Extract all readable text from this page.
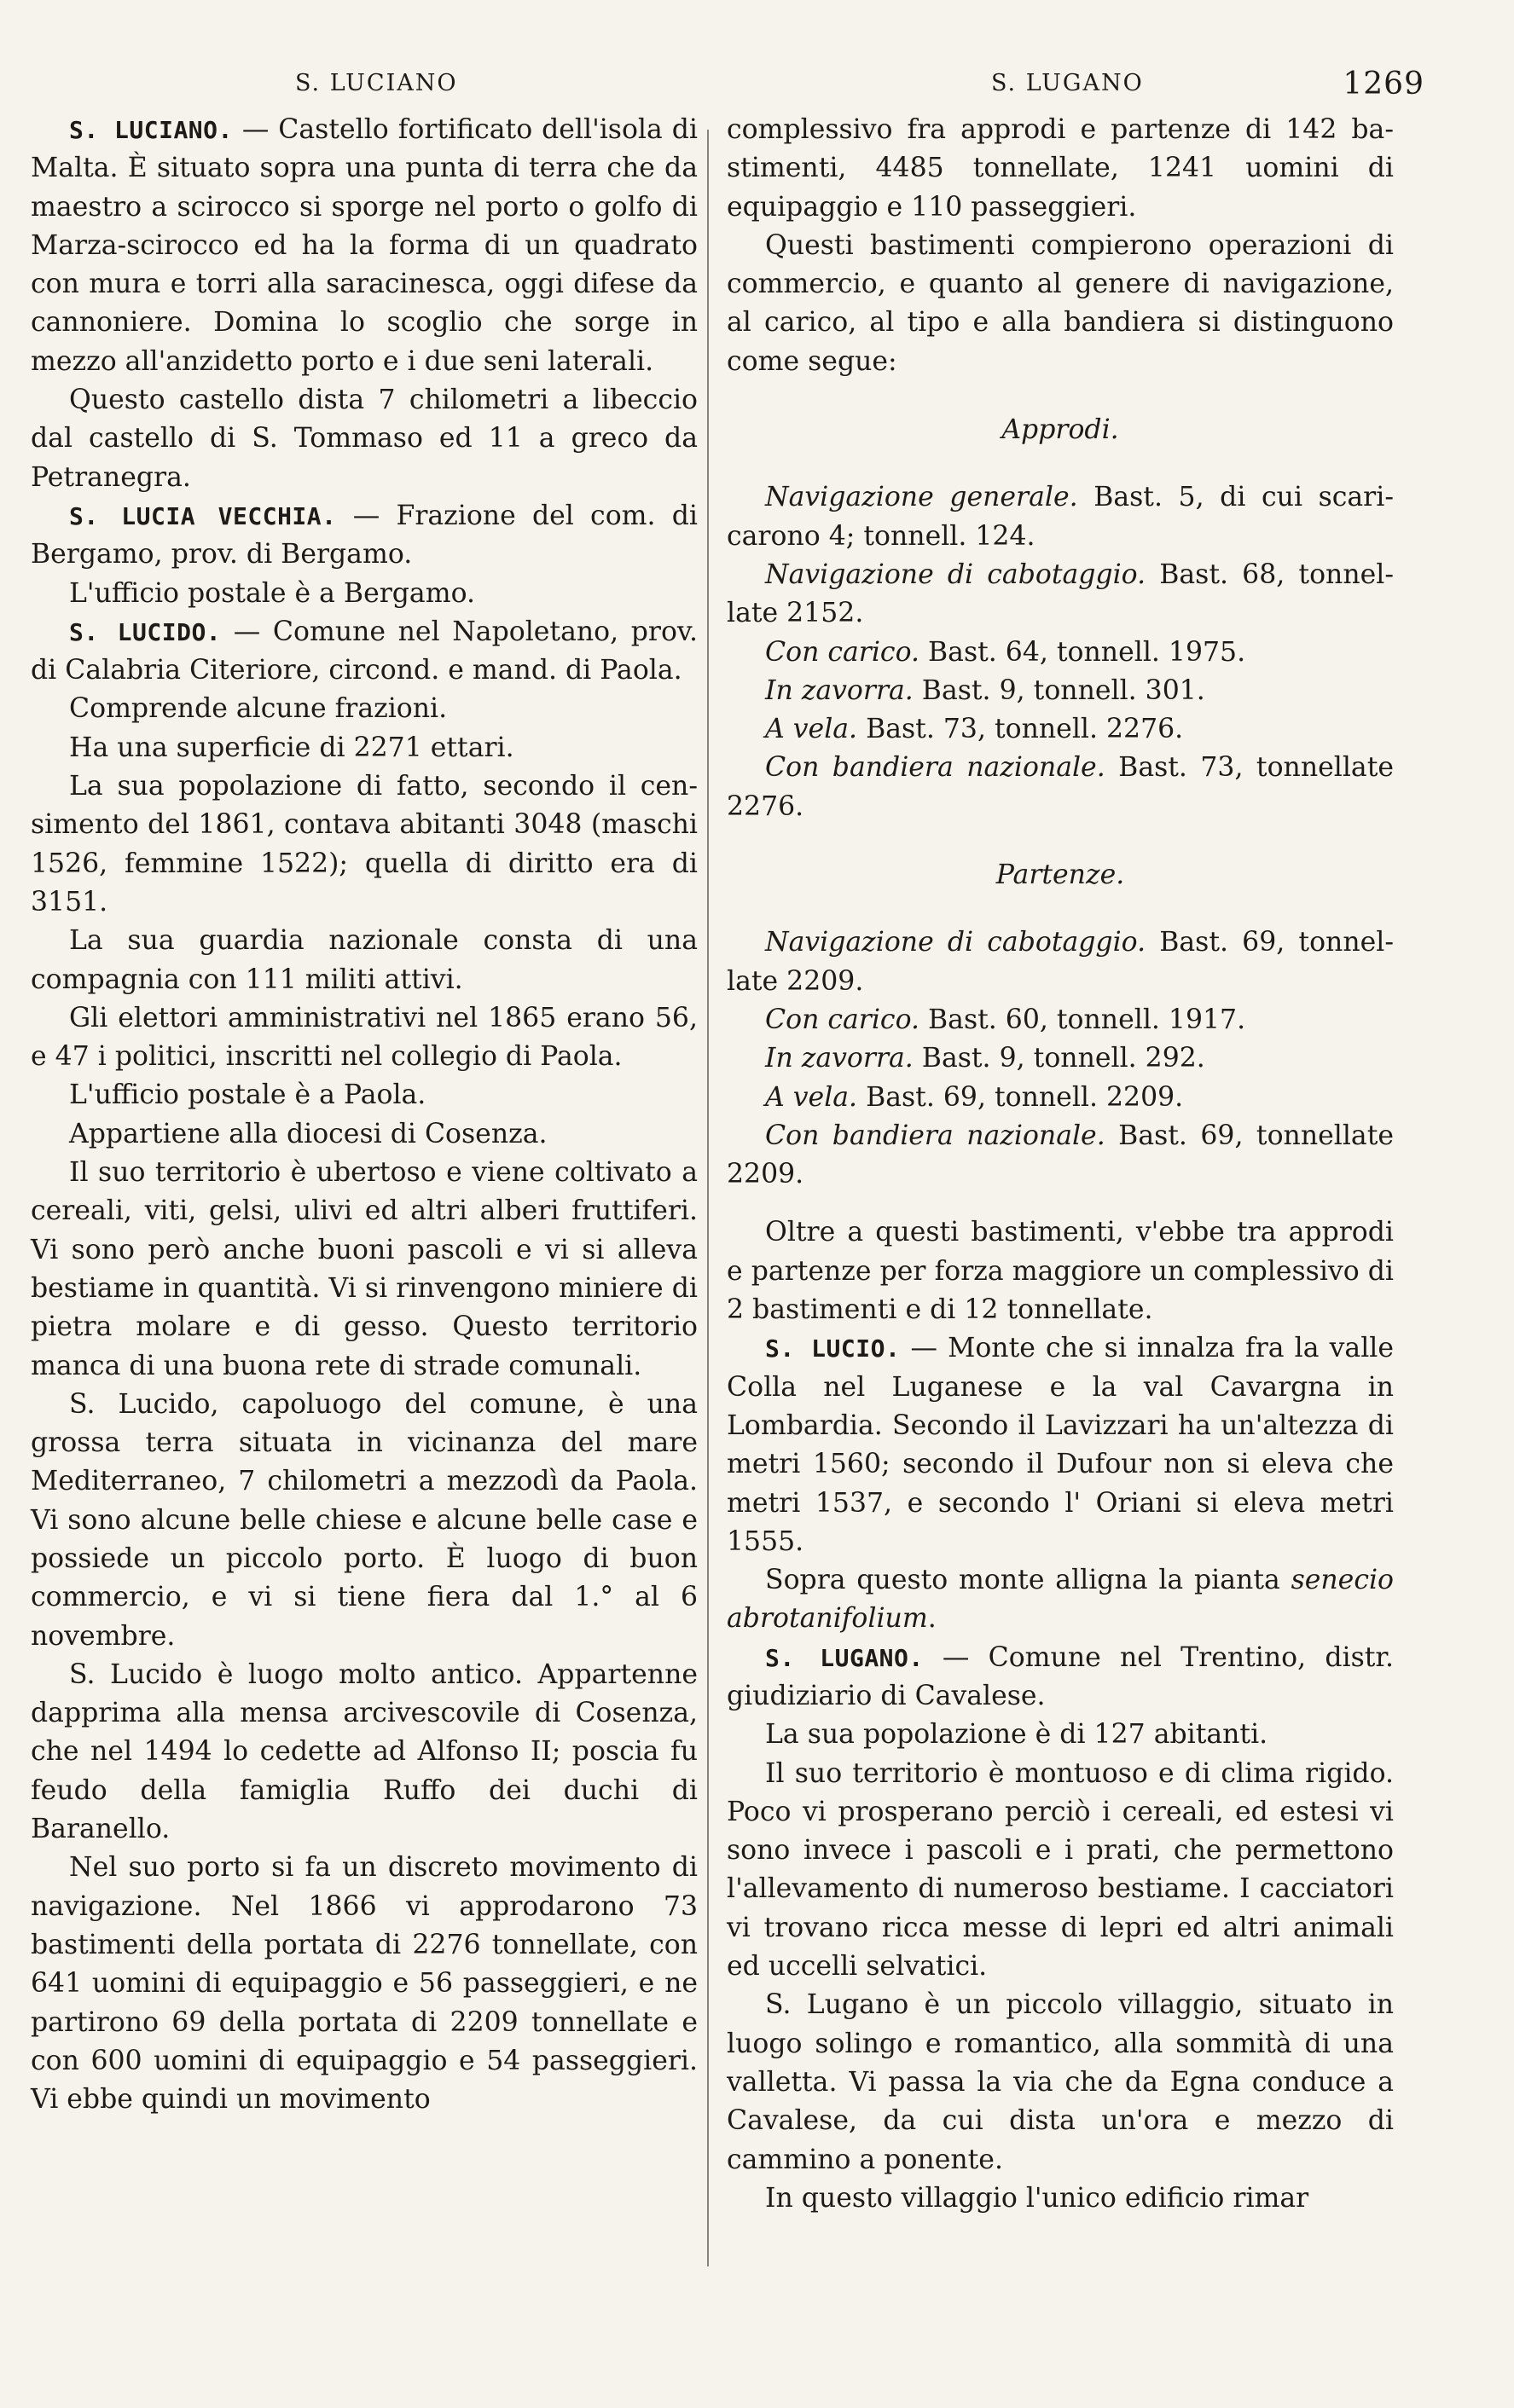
S. LUCIANO	S. LUGANO	1269

S. LUCIANO. — Castello fortificato dell'isola di Malta. È situato sopra una punta di terra che da maestro a scirocco si sporge nel porto o golfo di Marza-scirocco ed ha la forma di un quadrato con mura e torri alla saracinesca, oggi difese da cannoniere. Domina lo scoglio che sorge in mezzo all'anzidetto porto e i due seni laterali.

Questo castello dista 7 chilometri a libeccio dal castello di S. Tommaso ed 11 a greco da Petranegra.

S. LUCIA VECCHIA. — Frazione del com. di Bergamo, prov. di Bergamo.

L'ufficio postale è a Bergamo.

S. LUCIDO. — Comune nel Napoletano, prov. di Calabria Citeriore, circond. e mand. di Paola.

Comprende alcune frazioni.

Ha una superficie di 2271 ettari.

La sua popolazione di fatto, secondo il censimento del 1861, contava abitanti 3048 (maschi 1526, femmine 1522); quella di diritto era di 3151.

La sua guardia nazionale consta di una compagnia con 111 militi attivi.

Gli elettori amministrativi nel 1865 erano 56, e 47 i politici, inscritti nel collegio di Paola.

L'ufficio postale è a Paola.

Appartiene alla diocesi di Cosenza.

Il suo territorio è ubertoso e viene coltivato a cereali, viti, gelsi, ulivi ed altri alberi fruttiferi. Vi sono però anche buoni pascoli e vi si alleva bestiame in quantità. Vi si rinvengono miniere di pietra molare e di gesso. Questo territorio manca di una buona rete di strade comunali.

S. Lucido, capoluogo del comune, è una grossa terra situata in vicinanza del mare Mediterraneo, 7 chilometri a mezzodì da Paola. Vi sono alcune belle chiese e alcune belle case e possiede un piccolo porto. È luogo di buon commercio, e vi si tiene fiera dal 1.° al 6 novembre.

S. Lucido è luogo molto antico. Appartenne dapprima alla mensa arcivescovile di Cosenza, che nel 1494 lo cedette ad Alfonso II; poscia fu feudo della famiglia Ruffo dei duchi di Baranello.

Nel suo porto si fa un discreto movimento di navigazione. Nel 1866 vi approdarono 73 bastimenti della portata di 2276 tonnellate, con 641 uomini di equipaggio e 56 passeggieri, e ne partirono 69 della portata di 2209 tonnellate e con 600 uomini di equipaggio e 54 passeggieri. Vi ebbe quindi un movimento

complessivo fra approdi e partenze di 142 bastimenti, 4485 tonnellate, 1241 uomini di equipaggio e 110 passeggieri.

Questi bastimenti compierono operazioni di commercio, e quanto al genere di navigazione, al carico, al tipo e alla bandiera si distinguono come segue:

Approdi.

Navigazione generale. Bast. 5, di cui scaricarono 4; tonnell. 124.

Navigazione di cabotaggio. Bast. 68, tonnellate 2152.

Con carico. Bast. 64, tonnell. 1975.

In zavorra. Bast. 9, tonnell. 301.

A vela. Bast. 73, tonnell. 2276.

Con bandiera nazionale. Bast. 73, tonnellate 2276.

Partenze.

Navigazione di cabotaggio. Bast. 69, tonnellate 2209.

Con carico. Bast. 60, tonnell. 1917.

In zavorra. Bast. 9, tonnell. 292.

A vela. Bast. 69, tonnell. 2209.

Con bandiera nazionale. Bast. 69, tonnellate 2209.

Oltre a questi bastimenti, v'ebbe tra approdi e partenze per forza maggiore un complessivo di 2 bastimenti e di 12 tonnellate.

S. LUCIO. — Monte che si innalza fra la valle Colla nel Luganese e la val Cavargna in Lombardia. Secondo il Lavizzari ha un'altezza di metri 1560; secondo il Dufour non si eleva che metri 1537, e secondo l' Oriani si eleva metri 1555.

Sopra questo monte alligna la pianta senecio abrotanifolium.

S. LUGANO. — Comune nel Trentino, distr. giudiziario di Cavalese.

La sua popolazione è di 127 abitanti.

Il suo territorio è montuoso e di clima rigido. Poco vi prosperano perciò i cereali, ed estesi vi sono invece i pascoli e i prati, che permettono l'allevamento di numeroso bestiame. I cacciatori vi trovano ricca messe di lepri ed altri animali ed uccelli selvatici.

S. Lugano è un piccolo villaggio, situato in luogo solingo e romantico, alla sommità di una valletta. Vi passa la via che da Egna conduce a Cavalese, da cui dista un'ora e mezzo di cammino a ponente.

In questo villaggio l'unico edificio rimar
